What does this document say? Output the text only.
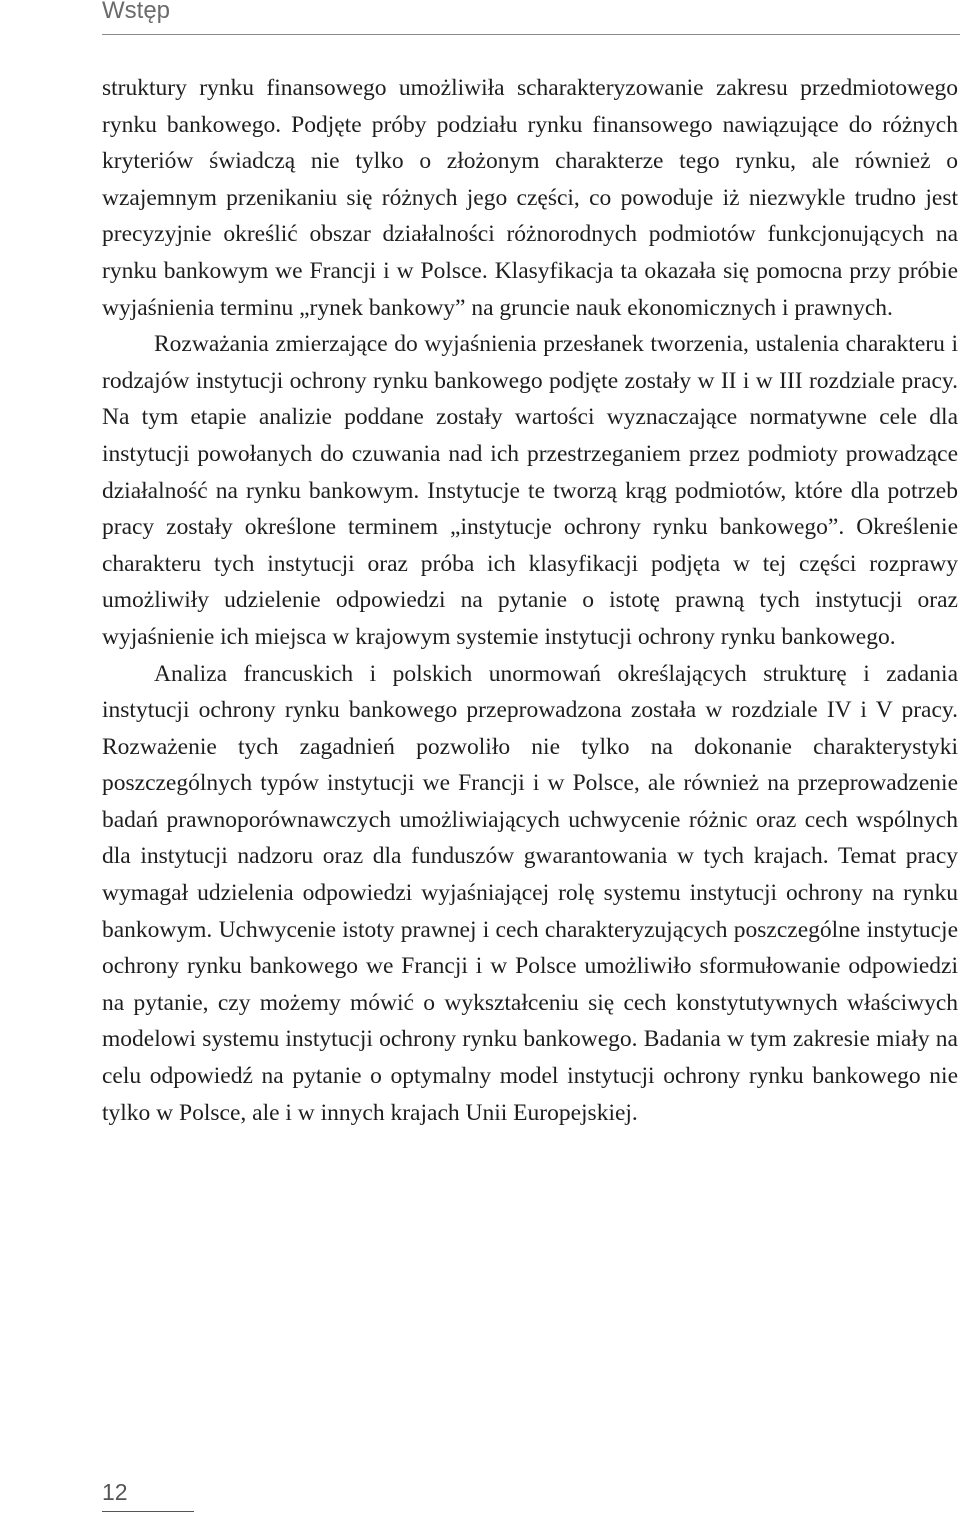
Wstęp

struktury rynku finansowego umożliwiła scharakteryzowanie zakresu przedmiotowego rynku bankowego. Podjęte próby podziału rynku finansowego nawiązujące do różnych kryteriów świadczą nie tylko o złożonym charakterze tego rynku, ale również o wzajemnym przenikaniu się różnych jego części, co powoduje iż niezwykle trudno jest precyzyjnie określić obszar działalności różnorodnych podmiotów funkcjonujących na rynku bankowym we Francji i w Polsce. Klasyfikacja ta okazała się pomocna przy próbie wyjaśnienia terminu „rynek bankowy” na gruncie nauk ekonomicznych i prawnych.

Rozważania zmierzające do wyjaśnienia przesłanek tworzenia, ustalenia charakteru i rodzajów instytucji ochrony rynku bankowego podjęte zostały w II i w III rozdziale pracy. Na tym etapie analizie poddane zostały wartości wyznaczające normatywne cele dla instytucji powołanych do czuwania nad ich przestrzeganiem przez podmioty prowadzące działalność na rynku bankowym. Instytucje te tworzą krąg podmiotów, które dla potrzeb pracy zostały określone terminem „instytucje ochrony rynku bankowego”. Określenie charakteru tych instytucji oraz próba ich klasyfikacji podjęta w tej części rozprawy umożliwiły udzielenie odpowiedzi na pytanie o istotę prawną tych instytucji oraz wyjaśnienie ich miejsca w krajowym systemie instytucji ochrony rynku bankowego.

Analiza francuskich i polskich unormowań określających strukturę i zadania instytucji ochrony rynku bankowego przeprowadzona została w rozdziale IV i V pracy. Rozważenie tych zagadnień pozwoliło nie tylko na dokonanie charakterystyki poszczególnych typów instytucji we Francji i w Polsce, ale również na przeprowadzenie badań prawnoporównawczych umożliwiających uchwycenie różnic oraz cech wspólnych dla instytucji nadzoru oraz dla funduszów gwarantowania w tych krajach. Temat pracy wymagał udzielenia odpowiedzi wyjaśniającej rolę systemu instytucji ochrony na rynku bankowym. Uchwycenie istoty prawnej i cech charakteryzujących poszczególne instytucje ochrony rynku bankowego we Francji i w Polsce umożliwiło sformułowanie odpowiedzi na pytanie, czy możemy mówić o wykształceniu się cech konstytutywnych właściwych modelowi systemu instytucji ochrony rynku bankowego. Badania w tym zakresie miały na celu odpowiedź na pytanie o optymalny model instytucji ochrony rynku bankowego nie tylko w Polsce, ale i w innych krajach Unii Europejskiej.

12
